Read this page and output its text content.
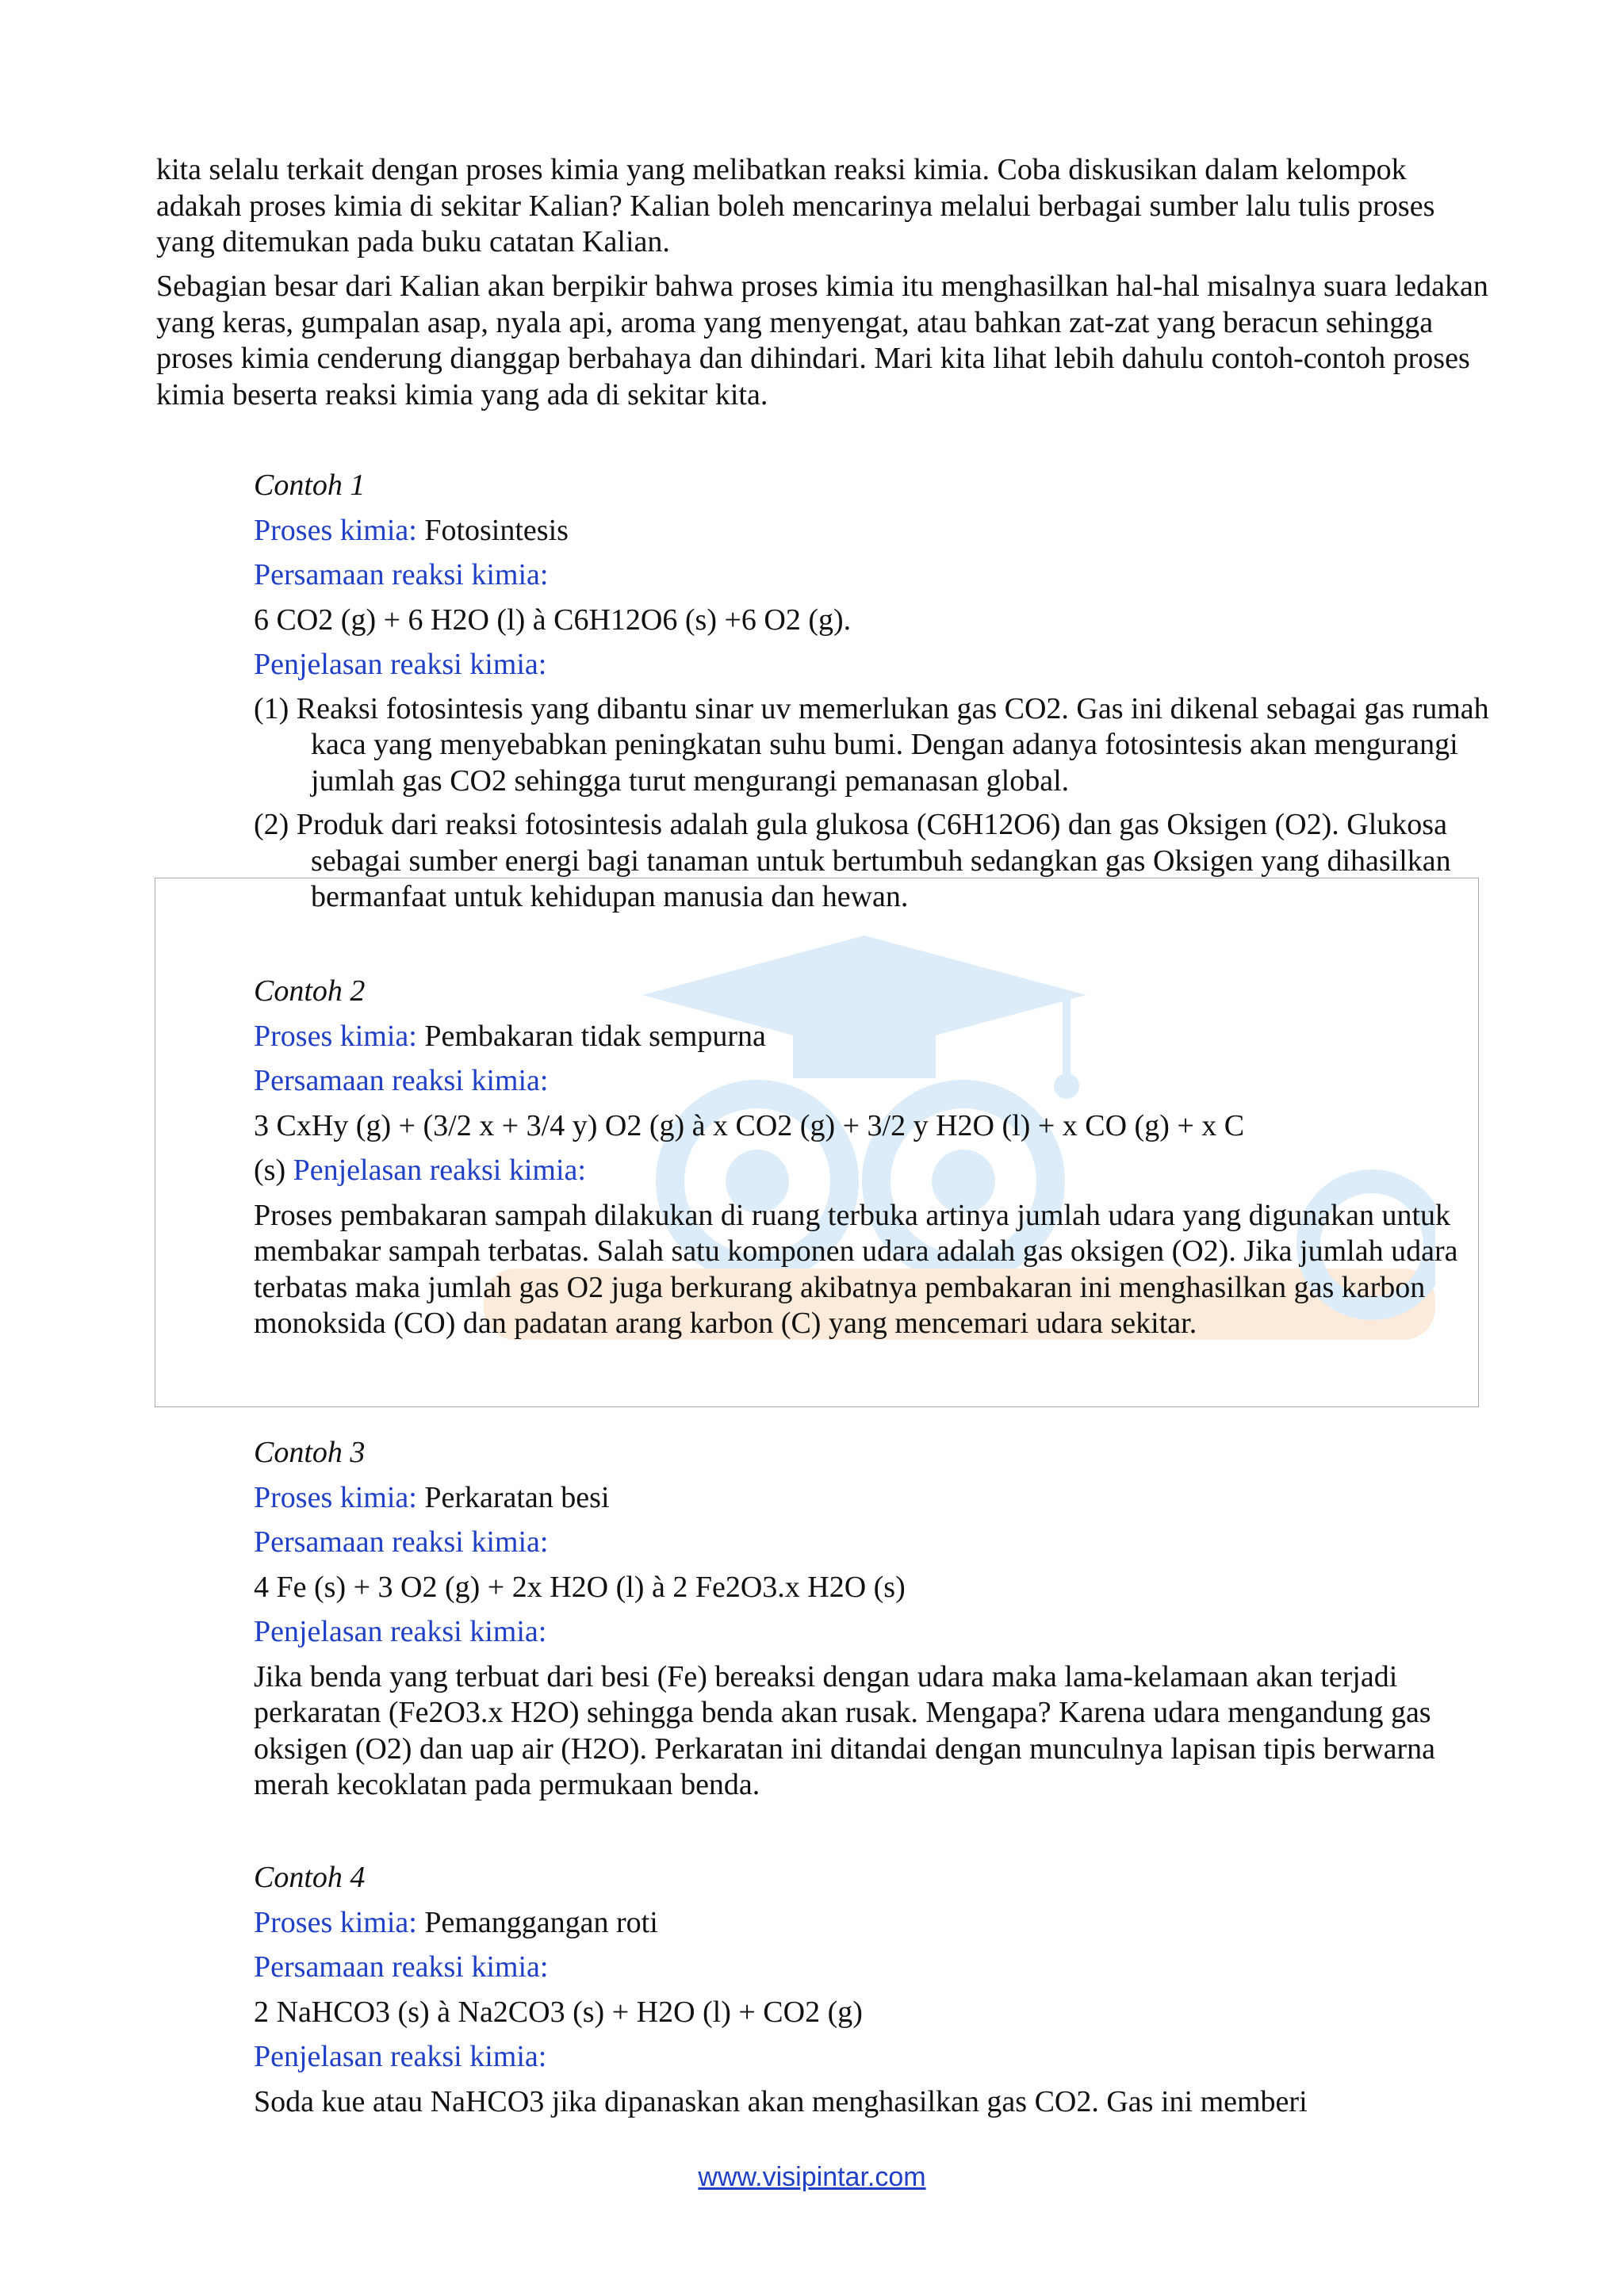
kita selalu terkait dengan proses kimia yang melibatkan reaksi kimia. Coba diskusikan dalam kelompok adakah proses kimia di sekitar Kalian? Kalian boleh mencarinya melalui berbagai sumber lalu tulis proses yang ditemukan pada buku catatan Kalian.

Sebagian besar dari Kalian akan berpikir bahwa proses kimia itu menghasilkan hal-hal misalnya suara ledakan yang keras, gumpalan asap, nyala api, aroma yang menyengat, atau bahkan zat-zat yang beracun sehingga proses kimia cenderung dianggap berbahaya dan dihindari. Mari kita lihat lebih dahulu contoh-contoh proses kimia beserta reaksi kimia yang ada di sekitar kita.

Contoh 1

Proses kimia: Fotosintesis

Persamaan reaksi kimia:

6 CO2 (g) + 6 H2O (l) à C6H12O6 (s) +6 O2 (g).

Penjelasan reaksi kimia:

(1) Reaksi fotosintesis yang dibantu sinar uv memerlukan gas CO2. Gas ini dikenal sebagai gas rumah kaca yang menyebabkan peningkatan suhu bumi. Dengan adanya fotosintesis akan mengurangi jumlah gas CO2 sehingga turut mengurangi pemanasan global.

(2) Produk dari reaksi fotosintesis adalah gula glukosa (C6H12O6) dan gas Oksigen (O2). Glukosa sebagai sumber energi bagi tanaman untuk bertumbuh sedangkan gas Oksigen yang dihasilkan bermanfaat untuk kehidupan manusia dan hewan.

Contoh 2

Proses kimia: Pembakaran tidak sempurna

Persamaan reaksi kimia:

3 CxHy (g) + (3/2 x + 3/4 y) O2 (g) à x CO2 (g) + 3/2 y H2O (l) + x CO (g) + x C

(s) Penjelasan reaksi kimia:

Proses pembakaran sampah dilakukan di ruang terbuka artinya jumlah udara yang digunakan untuk membakar sampah terbatas. Salah satu komponen udara adalah gas oksigen (O2). Jika jumlah udara terbatas maka jumlah gas O2 juga berkurang akibatnya pembakaran ini menghasilkan gas karbon monoksida (CO) dan padatan arang karbon (C) yang mencemari udara sekitar.

Contoh 3

Proses kimia: Perkaratan besi

Persamaan reaksi kimia:

4 Fe (s) + 3 O2 (g) + 2x H2O (l) à 2 Fe2O3.x H2O (s)

Penjelasan reaksi kimia:

Jika benda yang terbuat dari besi (Fe) bereaksi dengan udara maka lama-kelamaan akan terjadi perkaratan (Fe2O3.x H2O) sehingga benda akan rusak. Mengapa? Karena udara mengandung gas oksigen (O2) dan uap air (H2O). Perkaratan ini ditandai dengan munculnya lapisan tipis berwarna merah kecoklatan pada permukaan benda.

Contoh 4

Proses kimia: Pemanggangan roti

Persamaan reaksi kimia:

2 NaHCO3 (s) à Na2CO3 (s) + H2O (l) + CO2 (g)

Penjelasan reaksi kimia:

Soda kue atau NaHCO3 jika dipanaskan akan menghasilkan gas CO2. Gas ini memberi

www.visipintar.com
